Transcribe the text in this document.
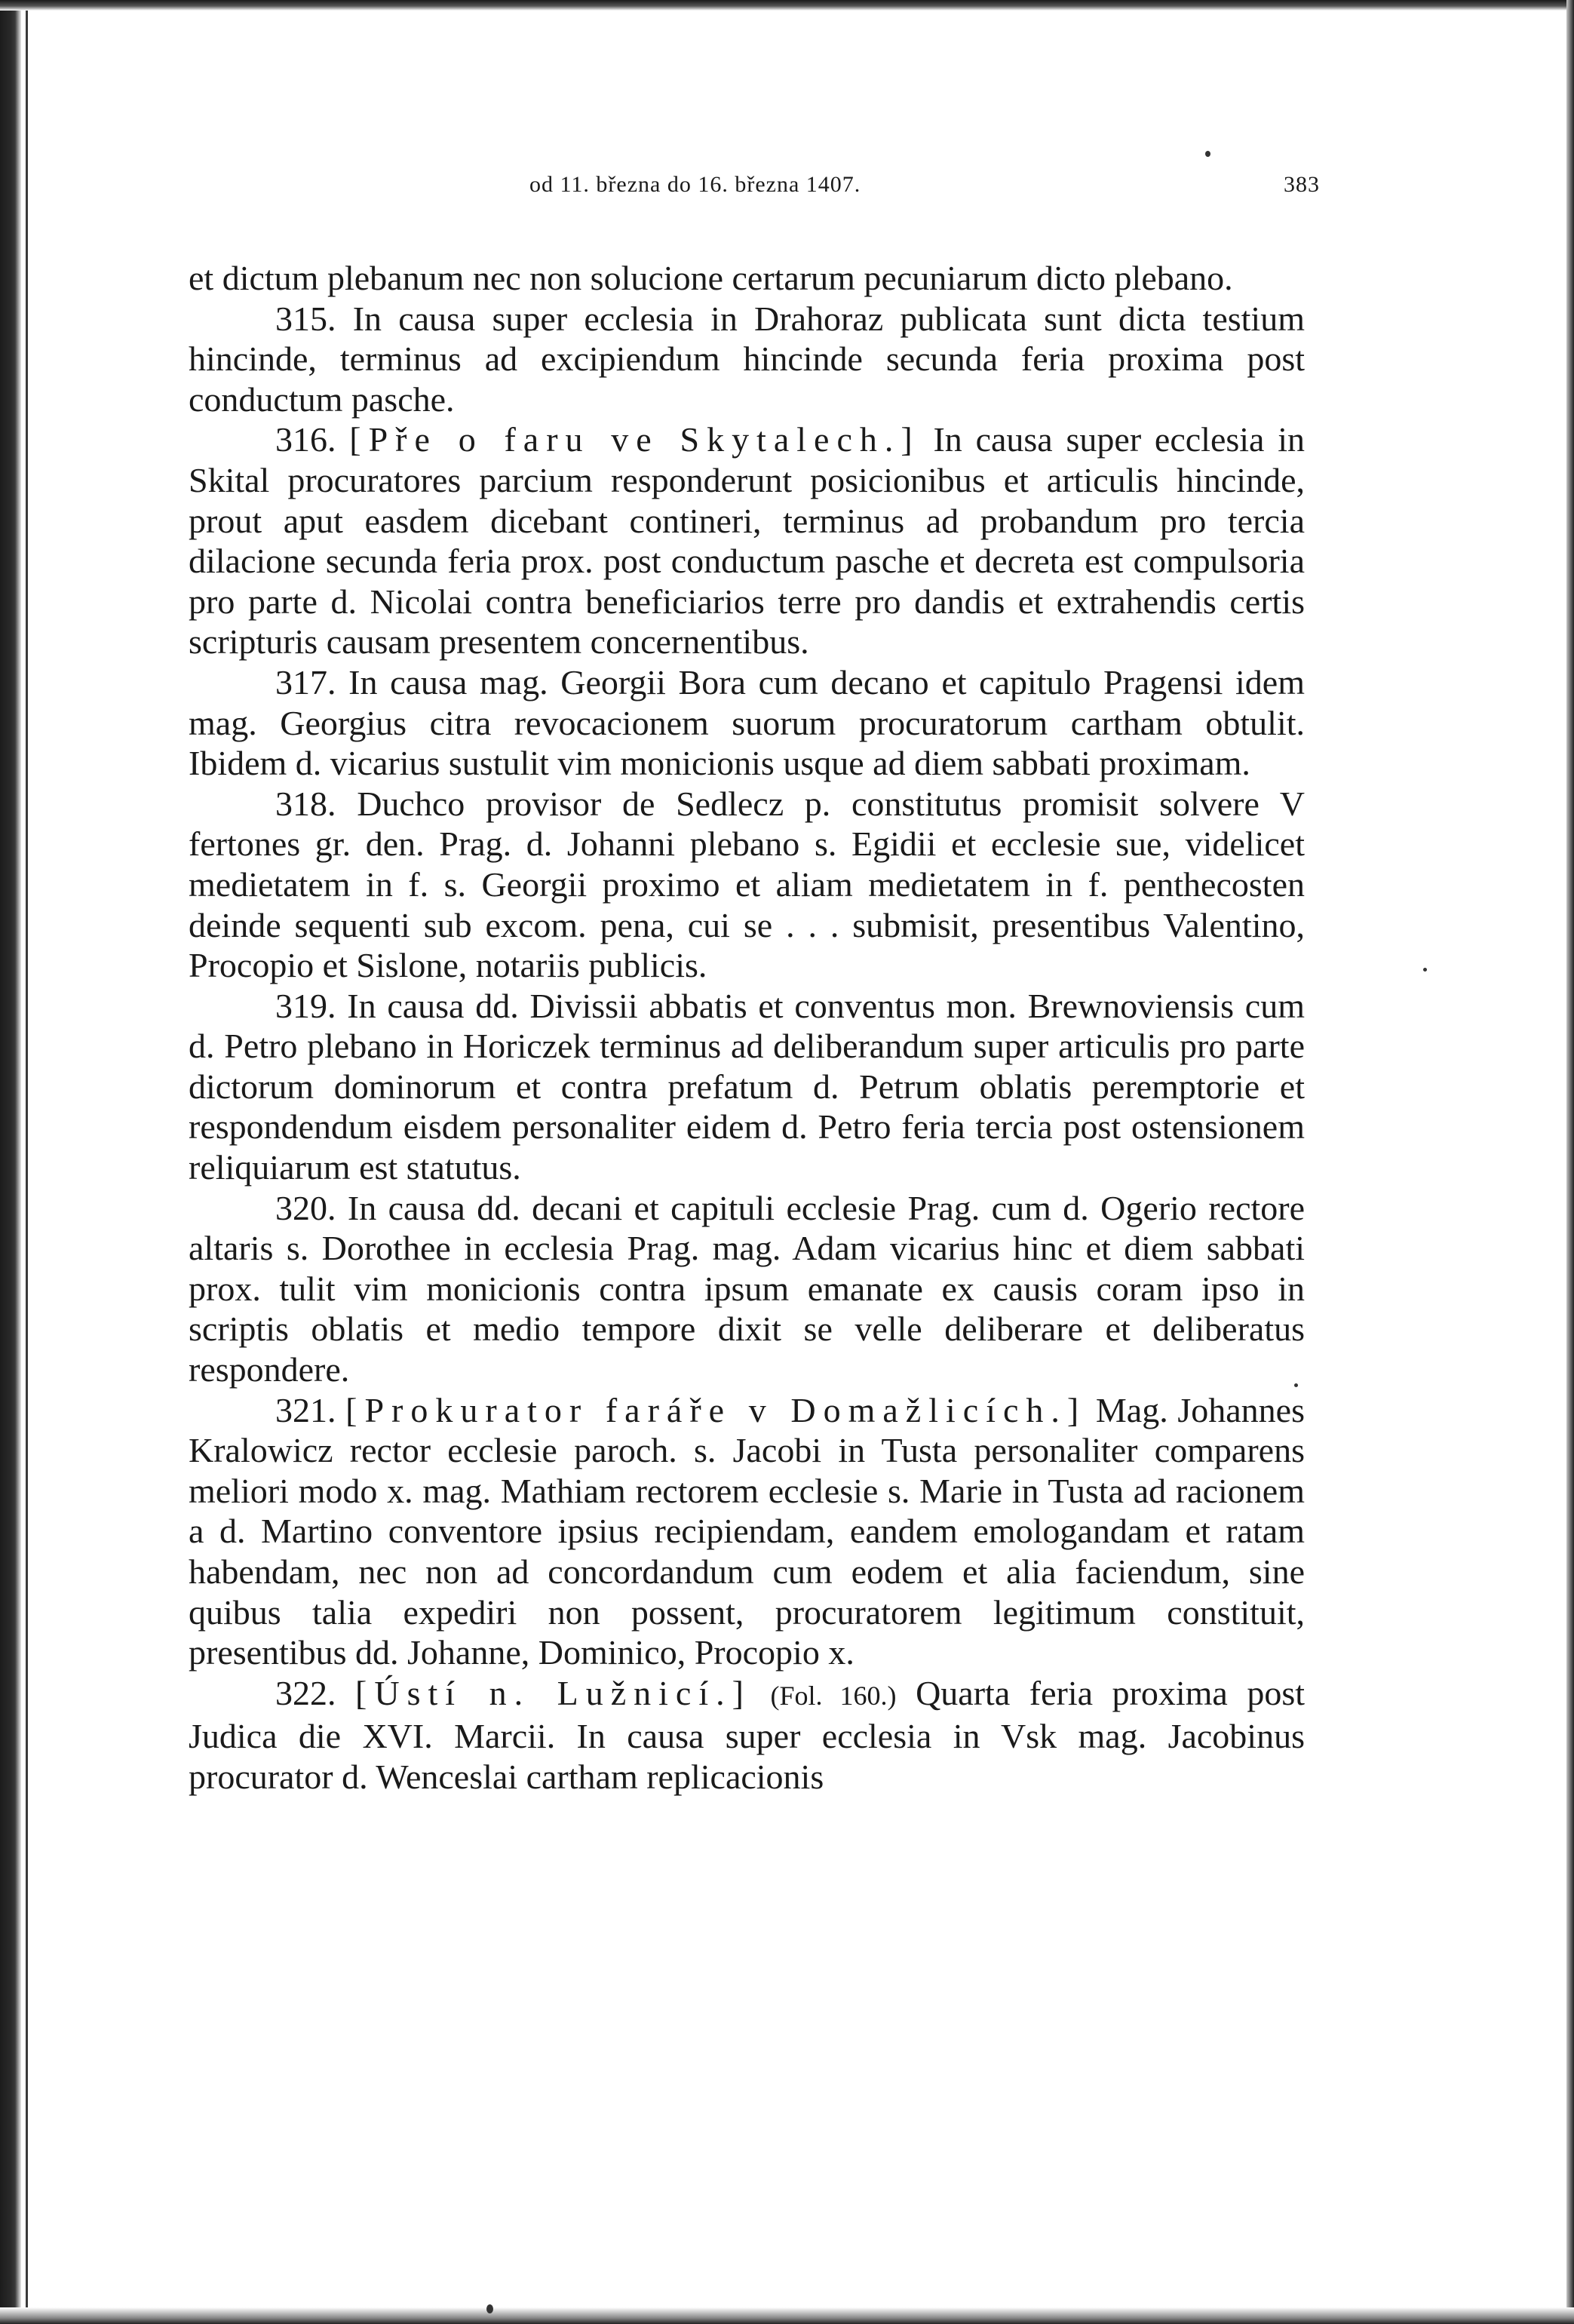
od 11. března do 16. března 1407.	383

et dictum plebanum nec non solucione certarum pecuniarum dicto plebano.

315. In causa super ecclesia in Drahoraz publicata sunt dicta testium hincinde, terminus ad excipiendum hincinde secunda feria proxima post conductum pasche.

316. [Pře o faru ve Skytalech.] In causa super ecclesia in Skital procuratores parcium responderunt posicionibus et articulis hincinde, prout aput easdem dicebant contineri, terminus ad probandum pro tercia dilacione secunda feria prox. post conductum pasche et decreta est compulsoria pro parte d. Nicolai contra beneficiarios terre pro dandis et extrahendis certis scripturis causam presentem concernentibus.

317. In causa mag. Georgii Bora cum decano et capitulo Pragensi idem mag. Georgius citra revocacionem suorum procuratorum cartham obtulit. Ibidem d. vicarius sustulit vim monicionis usque ad diem sabbati proximam.

318. Duchco provisor de Sedlecz p. constitutus promisit solvere V fertones gr. den. Prag. d. Johanni plebano s. Egidii et ecclesie sue, videlicet medietatem in f. s. Georgii proximo et aliam medietatem in f. penthecosten deinde sequenti sub excom. pena, cui se . . . submisit, presentibus Valentino, Procopio et Sislone, notariis publicis.

319. In causa dd. Divissii abbatis et conventus mon. Brewnoviensis cum d. Petro plebano in Horiczek terminus ad deliberandum super articulis pro parte dictorum dominorum et contra prefatum d. Petrum oblatis peremptorie et respondendum eisdem personaliter eidem d. Petro feria tercia post ostensionem reliquiarum est statutus.

320. In causa dd. decani et capituli ecclesie Prag. cum d. Ogerio rectore altaris s. Dorothee in ecclesia Prag. mag. Adam vicarius hinc et diem sabbati prox. tulit vim monicionis contra ipsum emanate ex causis coram ipso in scriptis oblatis et medio tempore dixit se velle deliberare et deliberatus respondere.

321. [Prokurator faráře v Domažlicích.] Mag. Johannes Kralowicz rector ecclesie paroch. s. Jacobi in Tusta personaliter comparens meliori modo x. mag. Mathiam rectorem ecclesie s. Marie in Tusta ad racionem a d. Martino conventore ipsius recipiendam, eandem emologandam et ratam habendam, nec non ad concordandum cum eodem et alia faciendum, sine quibus talia expediri non possent, procuratorem legitimum constituit, presentibus dd. Johanne, Dominico, Procopio x.

322. [Ústí n. Lužnicí.] (Fol. 160.) Quarta feria proxima post Judica die XVI. Marcii. In causa super ecclesia in Vsk mag. Jacobinus procurator d. Wenceslai cartham replicacionis
